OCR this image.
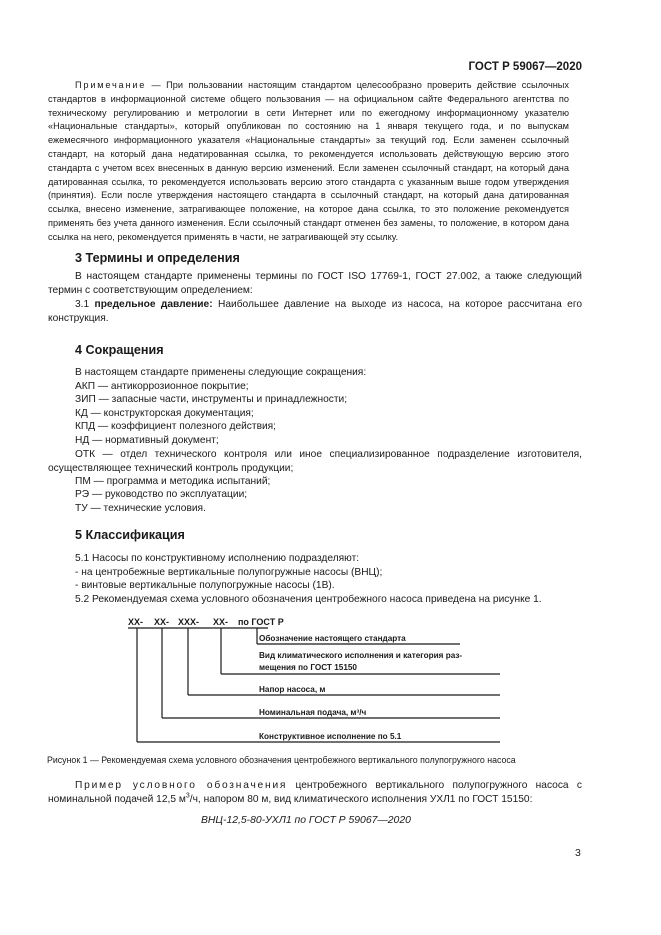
ГОСТ Р 59067—2020
Примечание — При пользовании настоящим стандартом целесообразно проверить действие ссылочных стандартов в информационной системе общего пользования — на официальном сайте Федерального агентства по техническому регулированию и метрологии в сети Интернет или по ежегодному информационному указателю «Национальные стандарты», который опубликован по состоянию на 1 января текущего года, и по выпускам ежемесячного информационного указателя «Национальные стандарты» за текущий год. Если заменен ссылочный стандарт, на который дана недатированная ссылка, то рекомендуется использовать действующую версию этого стандарта с учетом всех внесенных в данную версию изменений. Если заменен ссылочный стандарт, на который дана датированная ссылка, то рекомендуется использовать версию этого стандарта с указанным выше годом утверждения (принятия). Если после утверждения настоящего стандарта в ссылочный стандарт, на который дана датированная ссылка, внесено изменение, затрагивающее положение, на которое дана ссылка, то это положение рекомендуется применять без учета данного изменения. Если ссылочный стандарт отменен без замены, то положение, в котором дана ссылка на него, рекомендуется применять в части, не затрагивающей эту ссылку.
3 Термины и определения
В настоящем стандарте применены термины по ГОСТ ISO 17769-1, ГОСТ 27.002, а также следующий термин с соответствующим определением:
3.1 предельное давление: Наибольшее давление на выходе из насоса, на которое рассчитана его конструкция.
4 Сокращения
В настоящем стандарте применены следующие сокращения:
АКП — антикоррозионное покрытие;
ЗИП — запасные части, инструменты и принадлежности;
КД — конструкторская документация;
КПД — коэффициент полезного действия;
НД — нормативный документ;
ОТК — отдел технического контроля или иное специализированное подразделение изготовителя, осуществляющее технический контроль продукции;
ПМ — программа и методика испытаний;
РЭ — руководство по эксплуатации;
ТУ — технические условия.
5 Классификация
5.1 Насосы по конструктивному исполнению подразделяют:
- на центробежные вертикальные полупогружные насосы (ВНЦ);
- винтовые вертикальные полупогружные насосы (1В).
5.2 Рекомендуемая схема условного обозначения центробежного насоса приведена на рисунке 1.
ХХ- ХХ- ХХХ- ХХ- по ГОСТ Р
Обозначение настоящего стандарта
Вид климатического исполнения и категория раз-
мещения по ГОСТ 15150
Напор насоса, м
Номинальная подача, м³/ч
Конструктивное исполнение по 5.1
Рисунок 1 — Рекомендуемая схема условного обозначения центробежного вертикального полупогружного насоса
Пример условного обозначения центробежного вертикального полупогружного насоса с номинальной подачей 12,5 $м^3/ч$, напором 80 м, вид климатического исполнения УХЛ1 по ГОСТ 15150:
ВНЦ-12,5-80-УХЛ1 по ГОСТ Р 59067—2020
3
